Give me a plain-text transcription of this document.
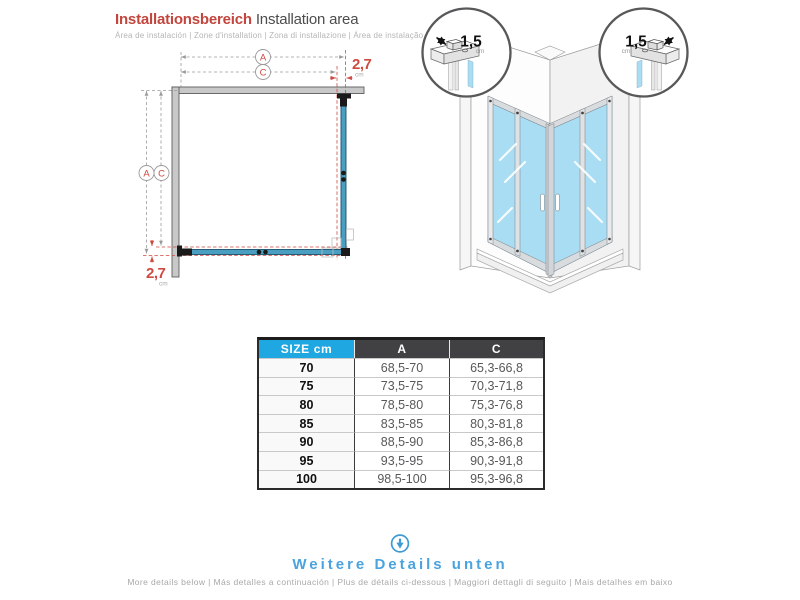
Installationsbereich Installation area
Área de instalación | Zone d'installation | Zona di installazione | Área de instalação
A
C
A C
2,7
cm
2,7
cm
1,5
cm
1,5
cm
SIZE cm	A	C
70	68,5-70	65,3-66,8
75	73,5-75	70,3-71,8
80	78,5-80	75,3-76,8
85	83,5-85	80,3-81,8
90	88,5-90	85,3-86,8
95	93,5-95	90,3-91,8
100	98,5-100	95,3-96,8
Weitere Details unten
More details below | Más detalles a continuación | Plus de détails ci-dessous | Maggiori dettagli di seguito | Mais detalhes em baixo
